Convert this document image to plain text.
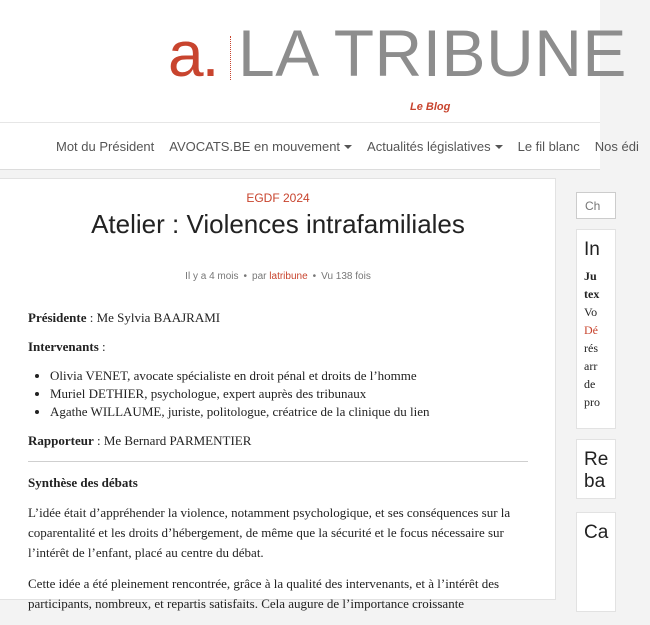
a. LA TRIBUNE
Le Blog
Mot du Président AVOCATS.BE en mouvement Actualités législatives Le fil blanc Nos édi
EGDF 2024
Atelier : Violences intrafamiliales
Il y a 4 mois • par latribune • Vu 138 fois

Présidente : Me Sylvia BAAJRAMI

Intervenants :

• Olivia VENET, avocate spécialiste en droit pénal et droits de l’homme
• Muriel DETHIER, psychologue, expert auprès des tribunaux
• Agathe WILLAUME, juriste, politologue, créatrice de la clinique du lien

Rapporteur : Me Bernard PARMENTIER

Synthèse des débats

L’idée était d’appréhender la violence, notamment psychologique, et ses conséquences sur la coparentalité et les droits d’hébergement, de même que la sécurité et le focus nécessaire sur l’intérêt de l’enfant, placé au centre du débat.

Cette idée a été pleinement rencontrée, grâce à la qualité des intervenants, et à l’intérêt des participants, nombreux, et repartis satisfaits. Cela augure de l’importance croissante

Ch
In
Ju
tex
Vo
Dé
rés
arr
de
pro
Re
ba
Ca
